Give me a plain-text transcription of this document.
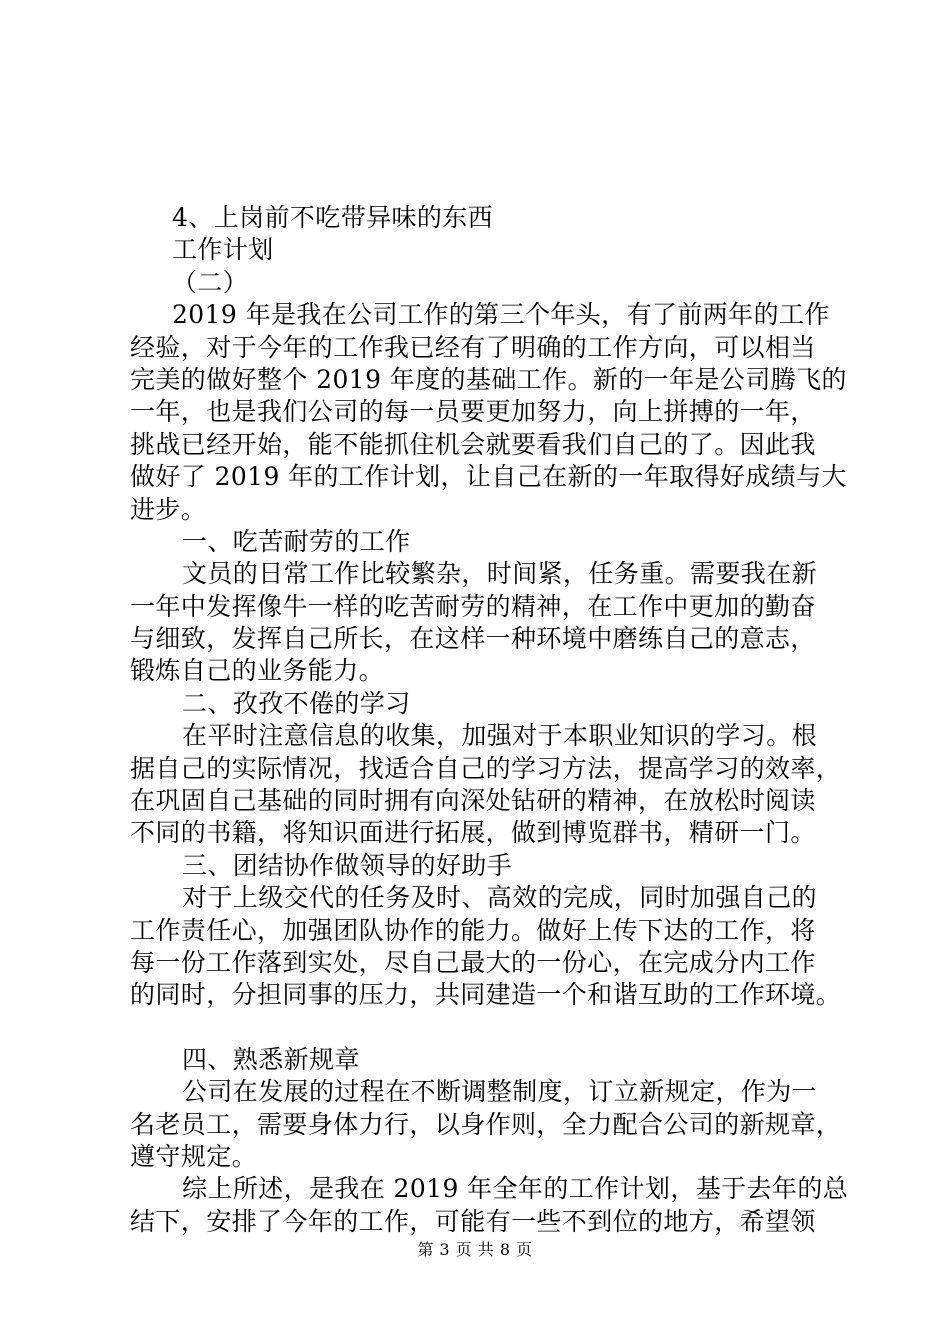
4、上岗前不吃带异味的东西
工作计划
（二）
2019 年是我在公司工作的第三个年头，有了前两年的工作
经验，对于今年的工作我已经有了明确的工作方向，可以相当
完美的做好整个 2019 年度的基础工作。新的一年是公司腾飞的
一年，也是我们公司的每一员要更加努力，向上拼搏的一年，
挑战已经开始，能不能抓住机会就要看我们自己的了。因此我
做好了 2019 年的工作计划，让自己在新的一年取得好成绩与大
进步。
一、吃苦耐劳的工作
文员的日常工作比较繁杂，时间紧，任务重。需要我在新
一年中发挥像牛一样的吃苦耐劳的精神，在工作中更加的勤奋
与细致，发挥自己所长，在这样一种环境中磨练自己的意志，
锻炼自己的业务能力。
二、孜孜不倦的学习
在平时注意信息的收集，加强对于本职业知识的学习。根
据自己的实际情况，找适合自己的学习方法，提高学习的效率，
在巩固自己基础的同时拥有向深处钻研的精神，在放松时阅读
不同的书籍，将知识面进行拓展，做到博览群书，精研一门。
三、团结协作做领导的好助手
对于上级交代的任务及时、高效的完成，同时加强自己的
工作责任心，加强团队协作的能力。做好上传下达的工作，将
每一份工作落到实处，尽自己最大的一份心，在完成分内工作
的同时，分担同事的压力，共同建造一个和谐互助的工作环境。
四、熟悉新规章
公司在发展的过程在不断调整制度，订立新规定，作为一
名老员工，需要身体力行，以身作则，全力配合公司的新规章，
遵守规定。
综上所述，是我在 2019 年全年的工作计划，基于去年的总
结下，安排了今年的工作，可能有一些不到位的地方，希望领
第 3 页 共 8 页
